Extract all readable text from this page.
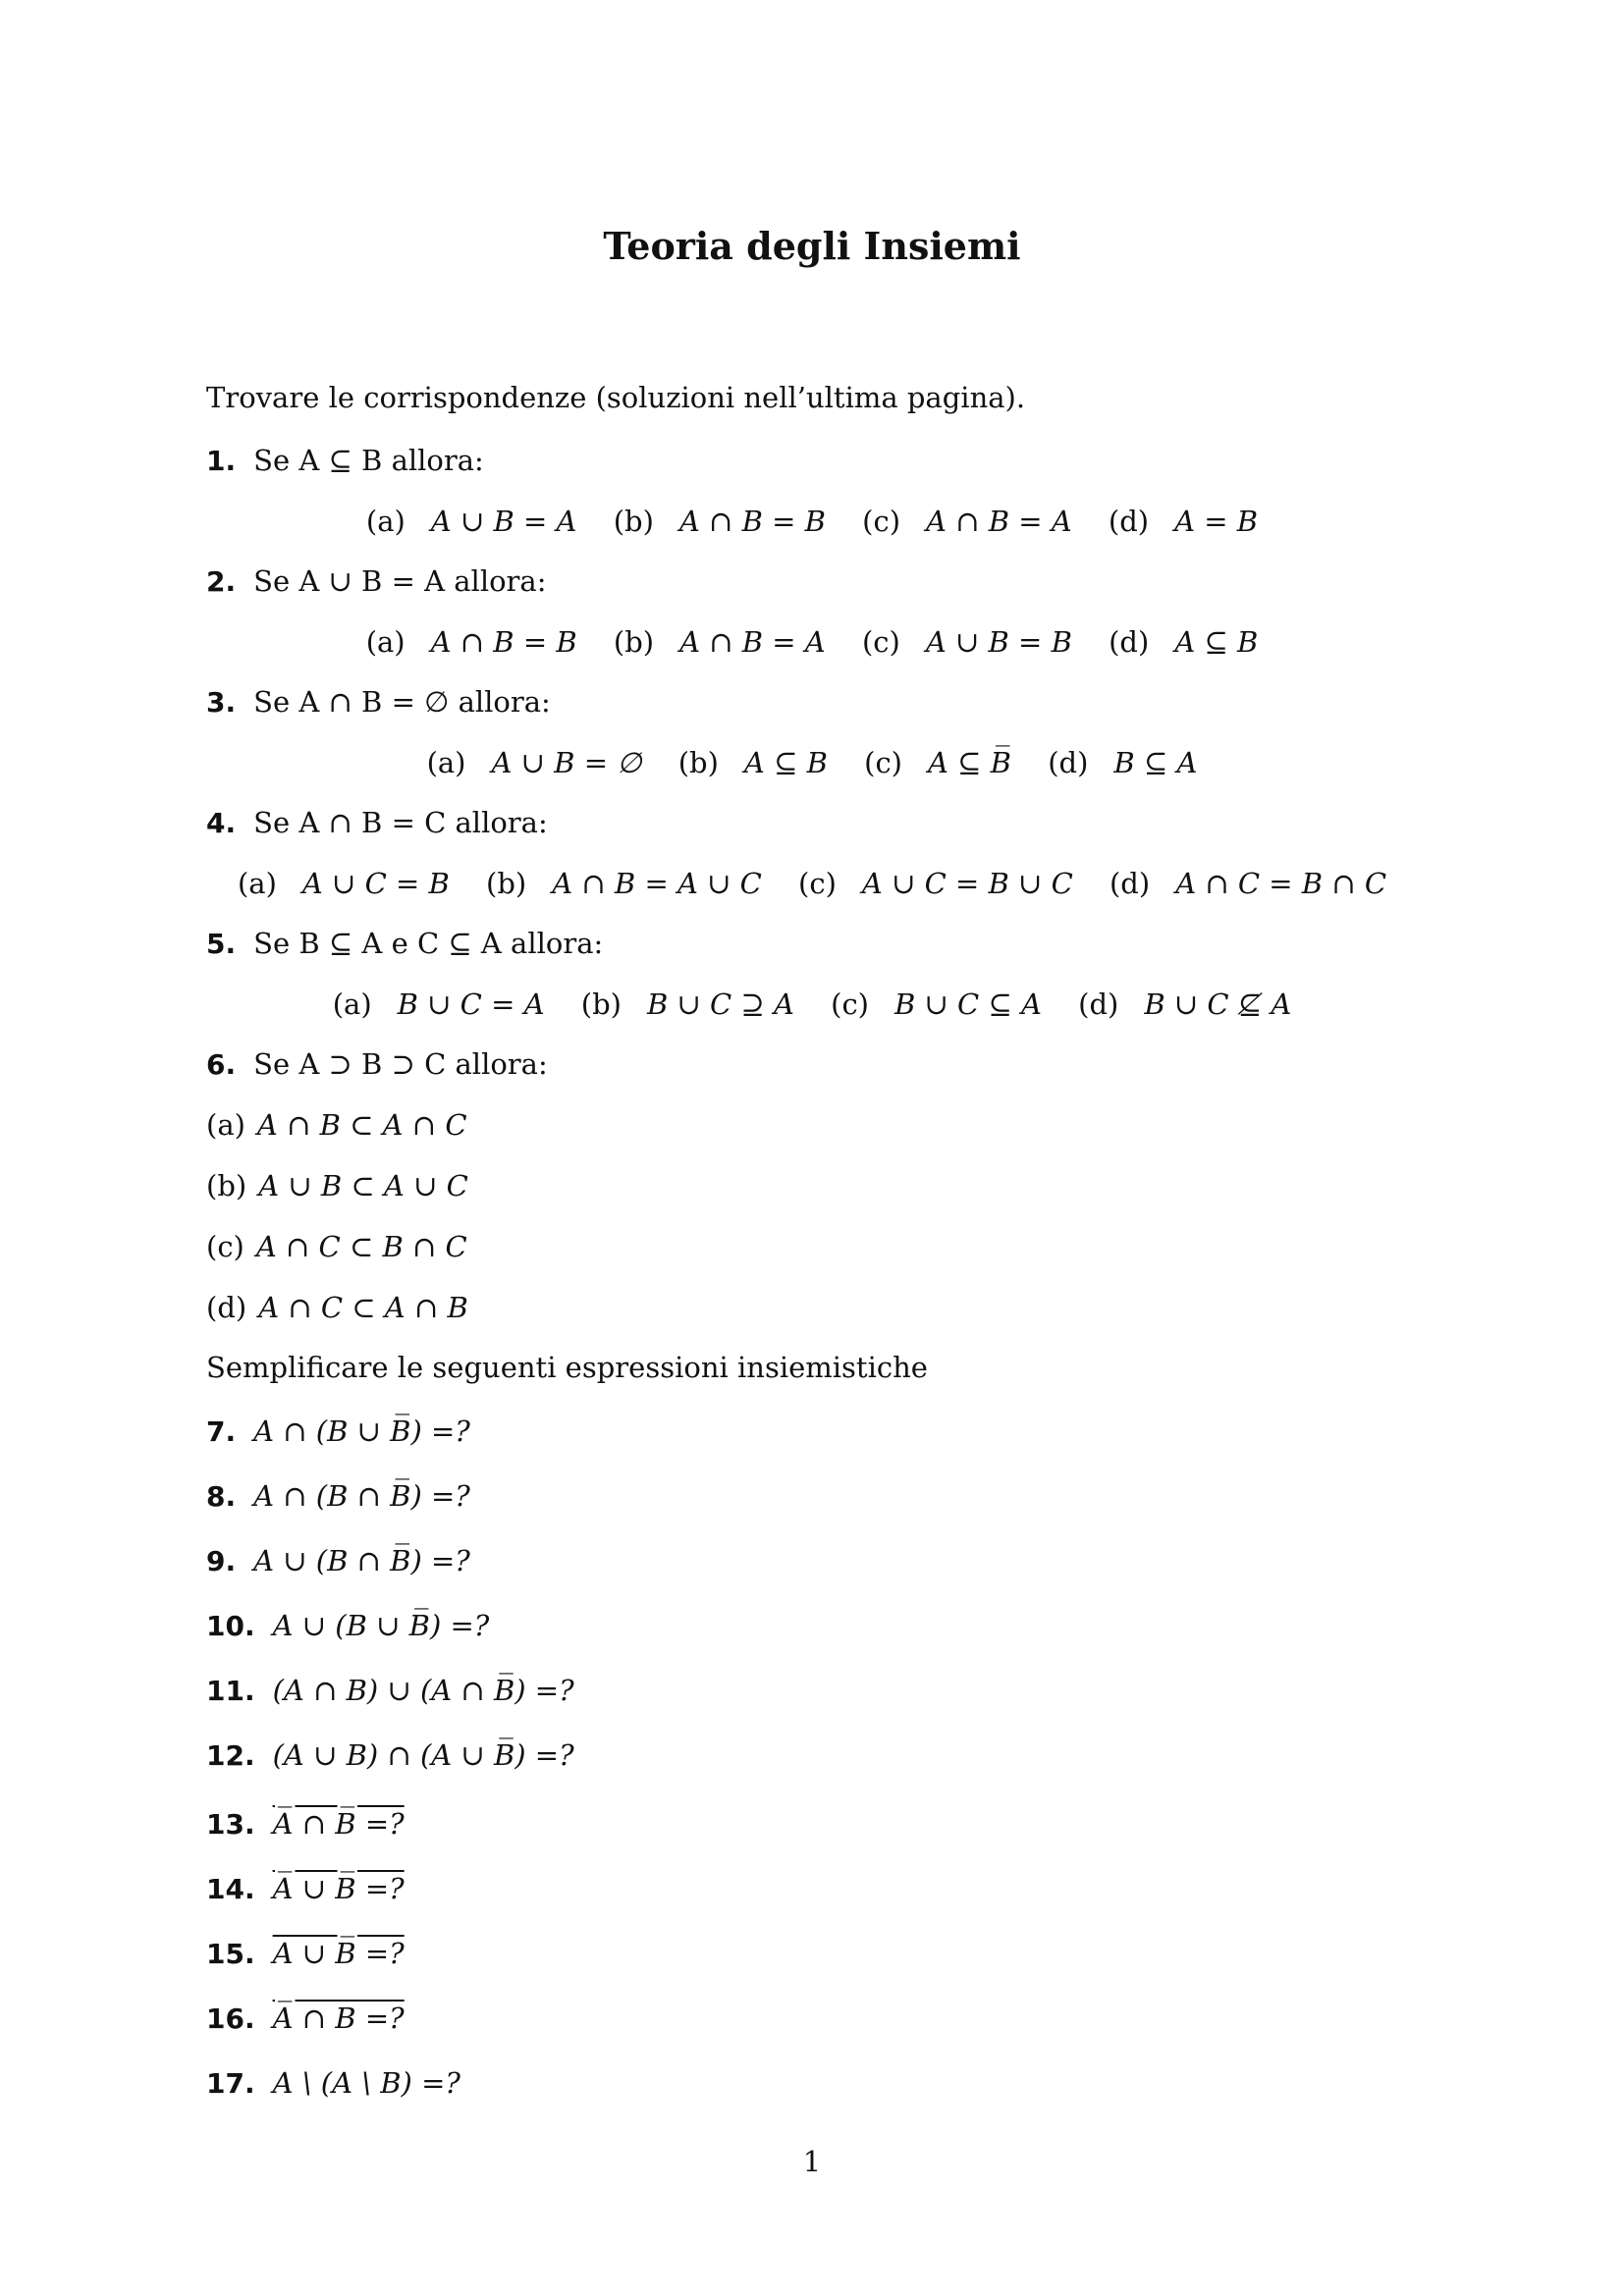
Teoria degli Insiemi
Trovare le corrispondenze (soluzioni nell’ultima pagina).
1. Se A ⊆ B allora:
(a) A ∪ B = A (b) A ∩ B = B (c) A ∩ B = A (d) A = B
2. Se A ∪ B = A allora:
(a) A ∩ B = B (b) A ∩ B = A (c) A ∪ B = B (d) A ⊆ B
3. Se A ∩ B = ∅ allora:
(a) A ∪ B = ∅ (b) A ⊆ B (c) A ⊆ B̅ (d) B ⊆ A
4. Se A ∩ B = C allora:
(a) A ∪ C = B (b) A ∩ B = A ∪ C (c) A ∪ C = B ∪ C (d) A ∩ C = B ∩ C
5. Se B ⊆ A e C ⊆ A allora:
(a) B ∪ C = A (b) B ∪ C ⊇ A (c) B ∪ C ⊆ A (d) B ∪ C ⊈ A
6. Se A ⊃ B ⊃ C allora:
(a) A ∩ B ⊂ A ∩ C
(b) A ∪ B ⊂ A ∪ C
(c) A ∩ C ⊂ B ∩ C
(d) A ∩ C ⊂ A ∩ B
Semplificare le seguenti espressioni insiemistiche
7. A ∩ (B ∪ B̅) =?
8. A ∩ (B ∩ B̅) =?
9. A ∪ (B ∩ B̅) =?
10. A ∪ (B ∪ B̅) =?
11. (A ∩ B) ∪ (A ∩ B̅) =?
12. (A ∪ B) ∩ (A ∪ B̅) =?
13. A̅ ∩ B̅ =?
14. A̅ ∪ B̅ =?
15. A ∪ B̅ =?
16. A̅ ∩ B =?
17. A \ (A \ B) =?
1
